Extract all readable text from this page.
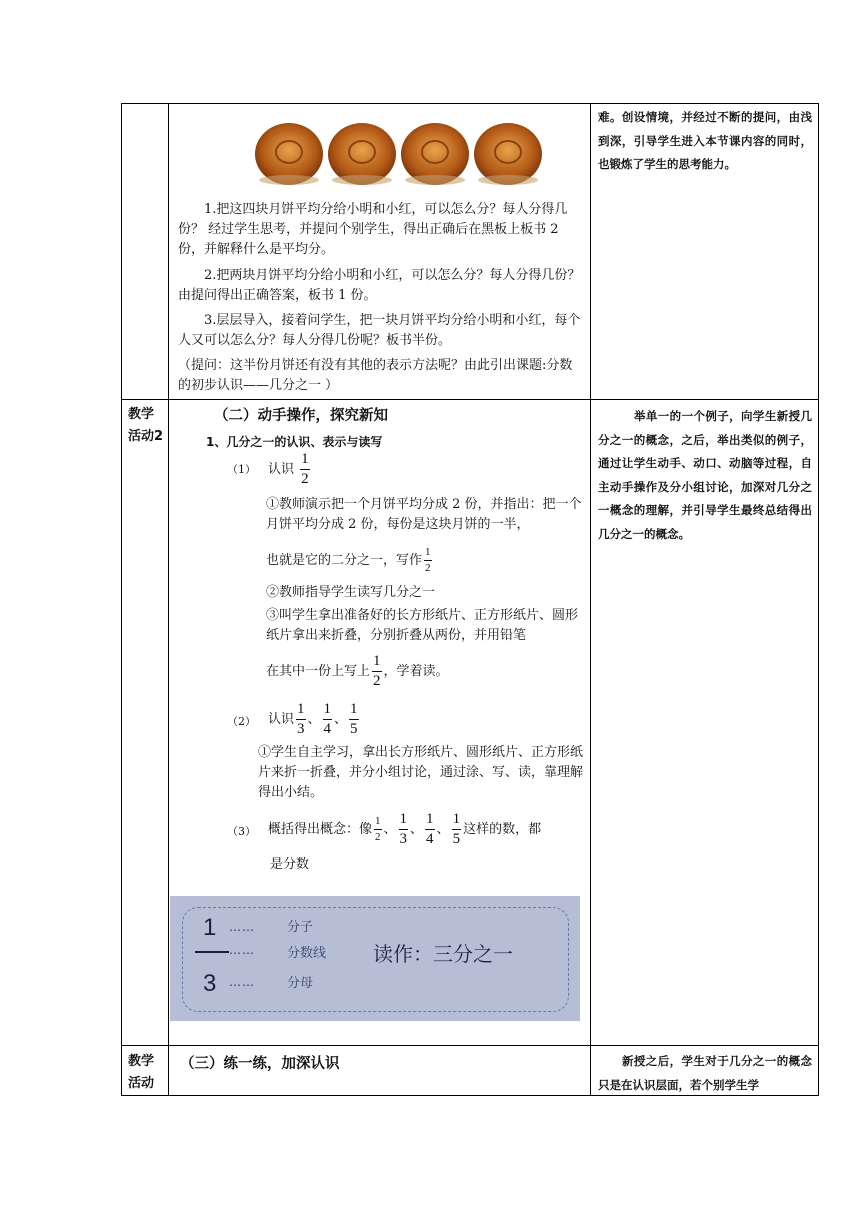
难。创设情境，并经过不断的提问，由浅到深，引导学生进入本节课内容的同时，也锻炼了学生的思考能力。
1.把这四块月饼平均分给小明和小红，可以怎么分？每人分得几份？ 经过学生思考，并提问个别学生，得出正确后在黑板上板书 2 份，并解释什么是平均分。
2.把两块月饼平均分给小明和小红，可以怎么分？每人分得几份？由提问得出正确答案，板书 1 份。
3.层层导入，接着问学生，把一块月饼平均分给小明和小红，每个人又可以怎么分？每人分得几份呢？板书半份。
（提问：这半份月饼还有没有其他的表示方法呢？由此引出课题:分数的初步认识——几分之一 ）
教学活动2
（二）动手操作，探究新知
1、几分之一的认识、表示与读写
（1） 认识 $\frac{1}{2}$
①教师演示把一个月饼平均分成 2 份，并指出：把一个月饼平均分成 2 份，每份是这块月饼的一半，
也就是它的二分之一，写作 $\frac{1}{2}$
②教师指导学生读写几分之一
③叫学生拿出准备好的长方形纸片、正方形纸片、圆形纸片拿出来折叠，分别折叠从两份，并用铅笔
在其中一份上写上 $\frac{1}{2}$ ，学着读。
（2） 认识 $\frac{1}{3}$ 、 $\frac{1}{4}$ 、 $\frac{1}{5}$
①学生自主学习，拿出长方形纸片、圆形纸片、正方形纸片来折一折叠，并分小组讨论，通过涂、写、读，靠理解得出小结。
（3） 概括得出概念：像 $\frac{1}{2}$ 、 $\frac{1}{3}$ 、 $\frac{1}{4}$ 、 $\frac{1}{5}$ 这样的数，都
是分数
举单一的一个例子，向学生新授几分之一的概念，之后，举出类似的例子，通过让学生动手、动口、动脑等过程，自主动手操作及分小组讨论，加深对几分之一概念的理解，并引导学生最终总结得出几分之一的概念。
1
3
……
……
……
分子
分数线
分母
读作：三分之一
教学活动
（三）练一练，加深认识	新授之后，学生对于几分之一的概念只是在认识层面，若个别学生学
